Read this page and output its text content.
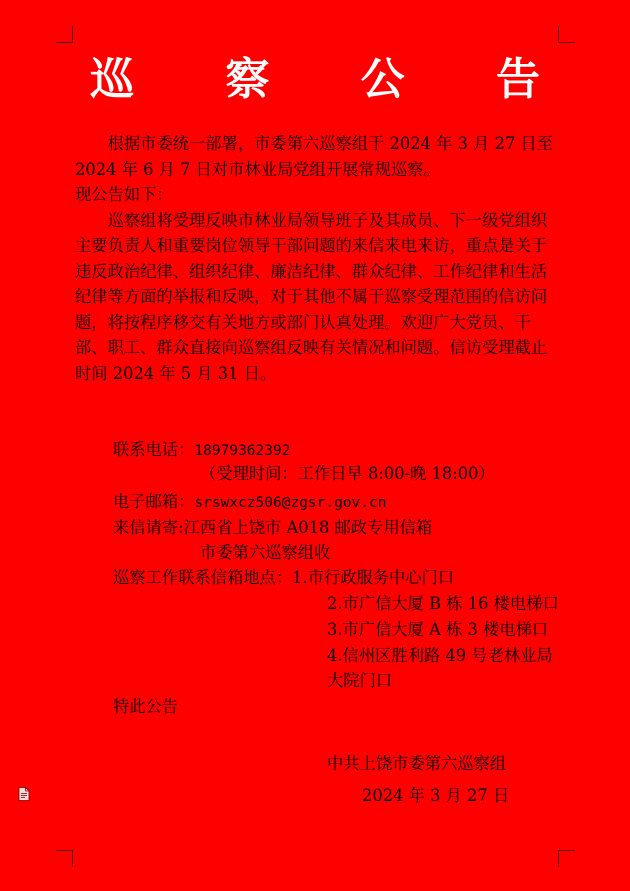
巡 察 公 告

根据市委统一部署，市委第六巡察组于 2024 年 3 月 27 日至 2024 年 6 月 7 日对市林业局党组开展常规巡察。

现公告如下：

巡察组将受理反映市林业局领导班子及其成员、下一级党组织主要负责人和重要岗位领导干部问题的来信来电来访，重点是关于违反政治纪律、组织纪律、廉洁纪律、群众纪律、工作纪律和生活纪律等方面的举报和反映，对于其他不属于巡察受理范围的信访问题，将按程序移交有关地方或部门认真处理。欢迎广大党员、干部、职工、群众直接向巡察组反映有关情况和问题。信访受理截止时间 2024 年 5 月 31 日。

联系电话：18979362392
（受理时间：工作日早 8:00-晚 18:00）
电子邮箱：srswxcz506@zgsr.gov.cn
来信请寄:江西省上饶市 A018 邮政专用信箱
市委第六巡察组收
巡察工作联系信箱地点：1.市行政服务中心门口
2.市广信大厦 B 栋 16 楼电梯口
3.市广信大厦 A 栋 3 楼电梯口
4.信州区胜利路 49 号老林业局
大院门口
特此公告
中共上饶市委第六巡察组
2024 年 3 月 27 日
